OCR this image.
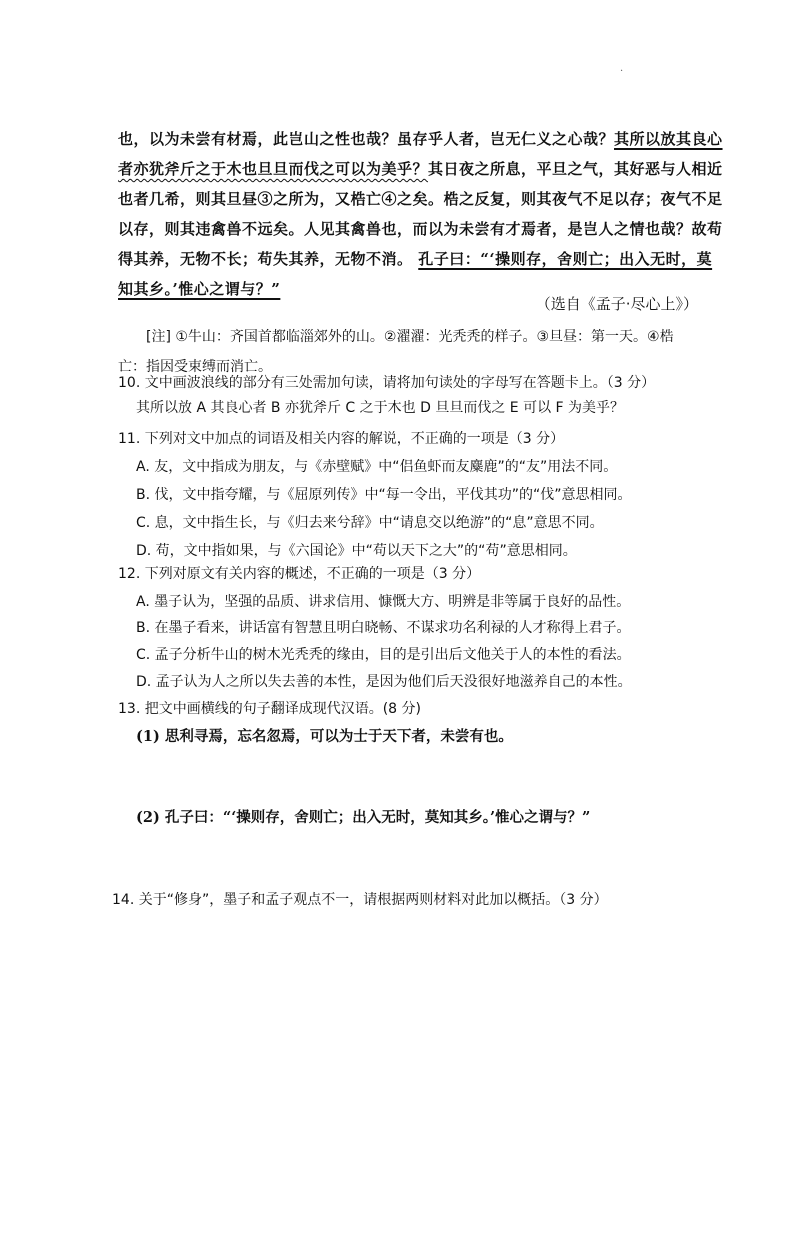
·
也，以为未尝有材焉，此岂山之性也哉？虽存乎人者，岂无仁义之心哉？其所以放其良心
者亦犹斧斤之于木也旦旦而伐之可以为美乎？其日夜之所息，平旦之气，其好恶与人相近
也者几希，则其旦昼③之所为，又梏亡④之矣。梏之反复，则其夜气不足以存；夜气不足
以存，则其违禽兽不远矣。人见其禽兽也，而以为未尝有才焉者，是岂人之情也哉？故苟
得其养，无物不长；苟失其养，无物不消。 孔子曰：“‘操则存，舍则亡；出入无时，莫
知其乡。’惟心之谓与？”
（选自《孟子·尽心上》）
[注] ①牛山：齐国首都临淄郊外的山。②濯濯：光秃秃的样子。③旦昼：第一天。④梏
亡：指因受束缚而消亡。
10. 文中画波浪线的部分有三处需加句读，请将加句读处的字母写在答题卡上。（3 分）
其所以放 A 其良心者 B 亦犹斧斤 C 之于木也 D 旦旦而伐之 E 可以 F 为美乎？
11. 下列对文中加点的词语及相关内容的解说，不正确的一项是（3 分）
A. 友，文中指成为朋友，与《赤壁赋》中“侣鱼虾而友麋鹿”的“友”用法不同。
B. 伐，文中指夸耀，与《屈原列传》中“每一令出，平伐其功”的“伐”意思相同。
C. 息，文中指生长，与《归去来兮辞》中“请息交以绝游”的“息”意思不同。
D. 苟，文中指如果，与《六国论》中“苟以天下之大”的“苟”意思相同。
12. 下列对原文有关内容的概述，不正确的一项是（3 分）
A. 墨子认为，坚强的品质、讲求信用、慷慨大方、明辨是非等属于良好的品性。
B. 在墨子看来，讲话富有智慧且明白晓畅、不谋求功名利禄的人才称得上君子。
C. 孟子分析牛山的树木光秃秃的缘由，目的是引出后文他关于人的本性的看法。
D. 孟子认为人之所以失去善的本性，是因为他们后天没很好地滋养自己的本性。
13. 把文中画横线的句子翻译成现代汉语。(8 分)
(1) 思利寻焉，忘名忽焉，可以为士于天下者，未尝有也。
(2) 孔子曰：“‘操则存，舍则亡；出入无时，莫知其乡。’惟心之谓与？”
14. 关于“修身”，墨子和孟子观点不一，请根据两则材料对此加以概括。（3 分）
